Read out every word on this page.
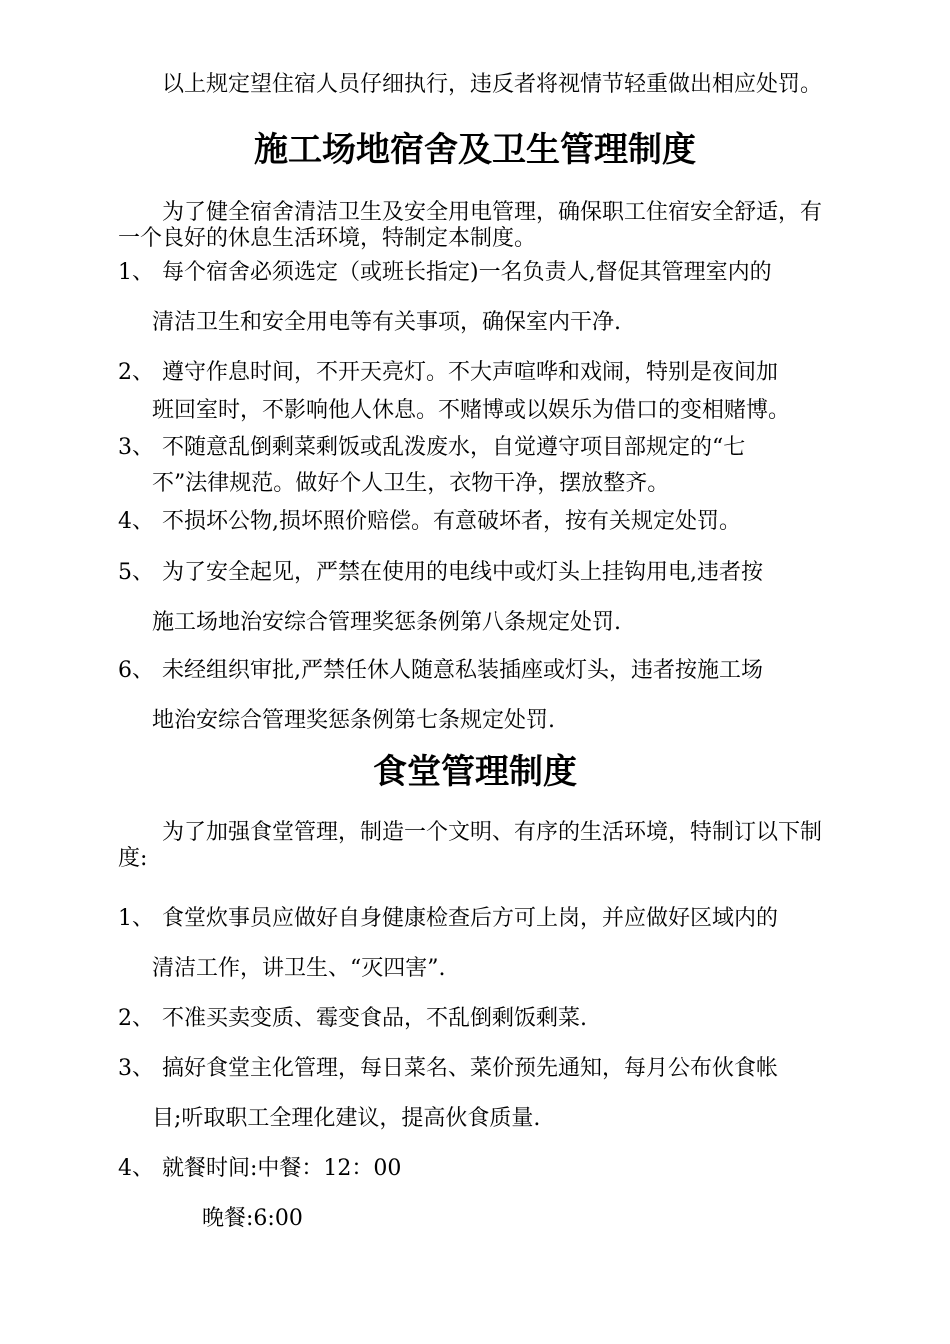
以上规定望住宿人员仔细执行，违反者将视情节轻重做出相应处罚。

施工场地宿舍及卫生管理制度

为了健全宿舍清洁卫生及安全用电管理，确保职工住宿安全舒适，有一个良好的休息生活环境，特制定本制度。

1、 每个宿舍必须选定（或班长指定)一名负责人,督促其管理室内的
清洁卫生和安全用电等有关事项，确保室内干净.
2、 遵守作息时间，不开天亮灯。不大声喧哗和戏闹，特别是夜间加
班回室时，不影响他人休息。不赌博或以娱乐为借口的变相赌博。
3、 不随意乱倒剩菜剩饭或乱泼废水，自觉遵守项目部规定的“七
不”法律规范。做好个人卫生，衣物干净，摆放整齐。
4、 不损坏公物,损坏照价赔偿。有意破坏者，按有关规定处罚。
5、 为了安全起见，严禁在使用的电线中或灯头上挂钩用电,违者按
施工场地治安综合管理奖惩条例第八条规定处罚.
6、 未经组织审批,严禁任休人随意私装插座或灯头，违者按施工场
地治安综合管理奖惩条例第七条规定处罚.
食堂管理制度

为了加强食堂管理，制造一个文明、有序的生活环境，特制订以下制度:

1、 食堂炊事员应做好自身健康检查后方可上岗，并应做好区域内的
清洁工作，讲卫生、“灭四害”.
2、 不准买卖变质、霉变食品，不乱倒剩饭剩菜.
3、 搞好食堂主化管理，每日菜名、菜价预先通知，每月公布伙食帐
目;听取职工全理化建议，提高伙食质量.
4、 就餐时间:中餐：12：00
晚餐:6:00
